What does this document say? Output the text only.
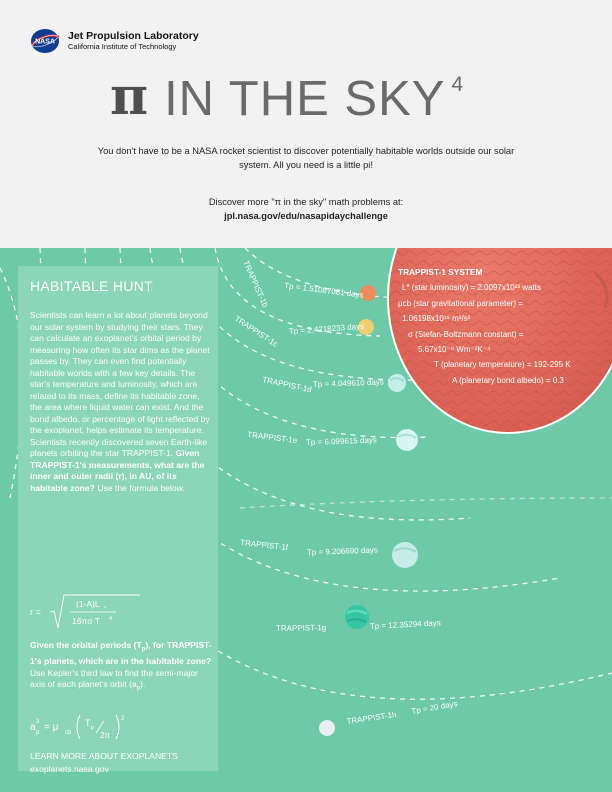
NASA
Jet Propulsion Laboratory
California Institute of Technology
π IN THE SKY 4
You don't have to be a NASA rocket scientist to discover potentially habitable worlds outside our solar system. All you need is a little pi!
Discover more "π in the sky" math problems at:
jpl.nasa.gov/edu/nasapidaychallenge
TRAPPIST-1b Tp = 1.51087081 days
TRAPPIST-1c Tp = 2.4218233 days
TRAPPIST-1d Tp = 4.049610 days
TRAPPIST-1e Tp = 6.099615 days
TRAPPIST-1f Tp = 9.206690 days
TRAPPIST-1g	Tp = 12.35294 days
TRAPPIST-1h
Tp = 20 days
TRAPPIST-1 SYSTEM
L* (star luminosity) = 2.0097x10²³ watts
μcb (star gravitational parameter) =
1.06198x10¹⁹ m³/s²
σ (Stefan-Boltzmann constant) =
5.67x10⁻⁸ Wm⁻²K⁻⁴
T (planetary temperature) = 192-295 K
A (planetary bond albedo) = 0.3
HABITABLE HUNT
Scientists can learn a lot about planets beyond our solar system by studying their stars. They can calculate an exoplanet's orbital period by measuring how often its star dims as the planet passes by. They can even find potentially habitable worlds with a few key details. The star's temperature and luminosity, which are related to its mass, define its habitable zone, the area where liquid water can exist. And the bond albedo, or percentage of light reflected by the exoplanet, helps estimate its temperature. Scientists recently discovered seven Earth-like planets orbiting the star TRAPPIST-1. Given TRAPPIST-1's measurements, what are the inner and outer radii (r), in AU, of its habitable zone? Use the formula below.
r =
(1-A)L *
16πσ T 4
Given the orbital periods $(T_p)$, for TRAPPIST-1's planets, which are in the habitable zone? Use Kepler's third law to find the semi-major axis of each planet's orbit $(a_p)$.
a 3
p = μ cb
T p
2π
2
LEARN MORE ABOUT EXOPLANETS
exoplanets.nasa.gov
